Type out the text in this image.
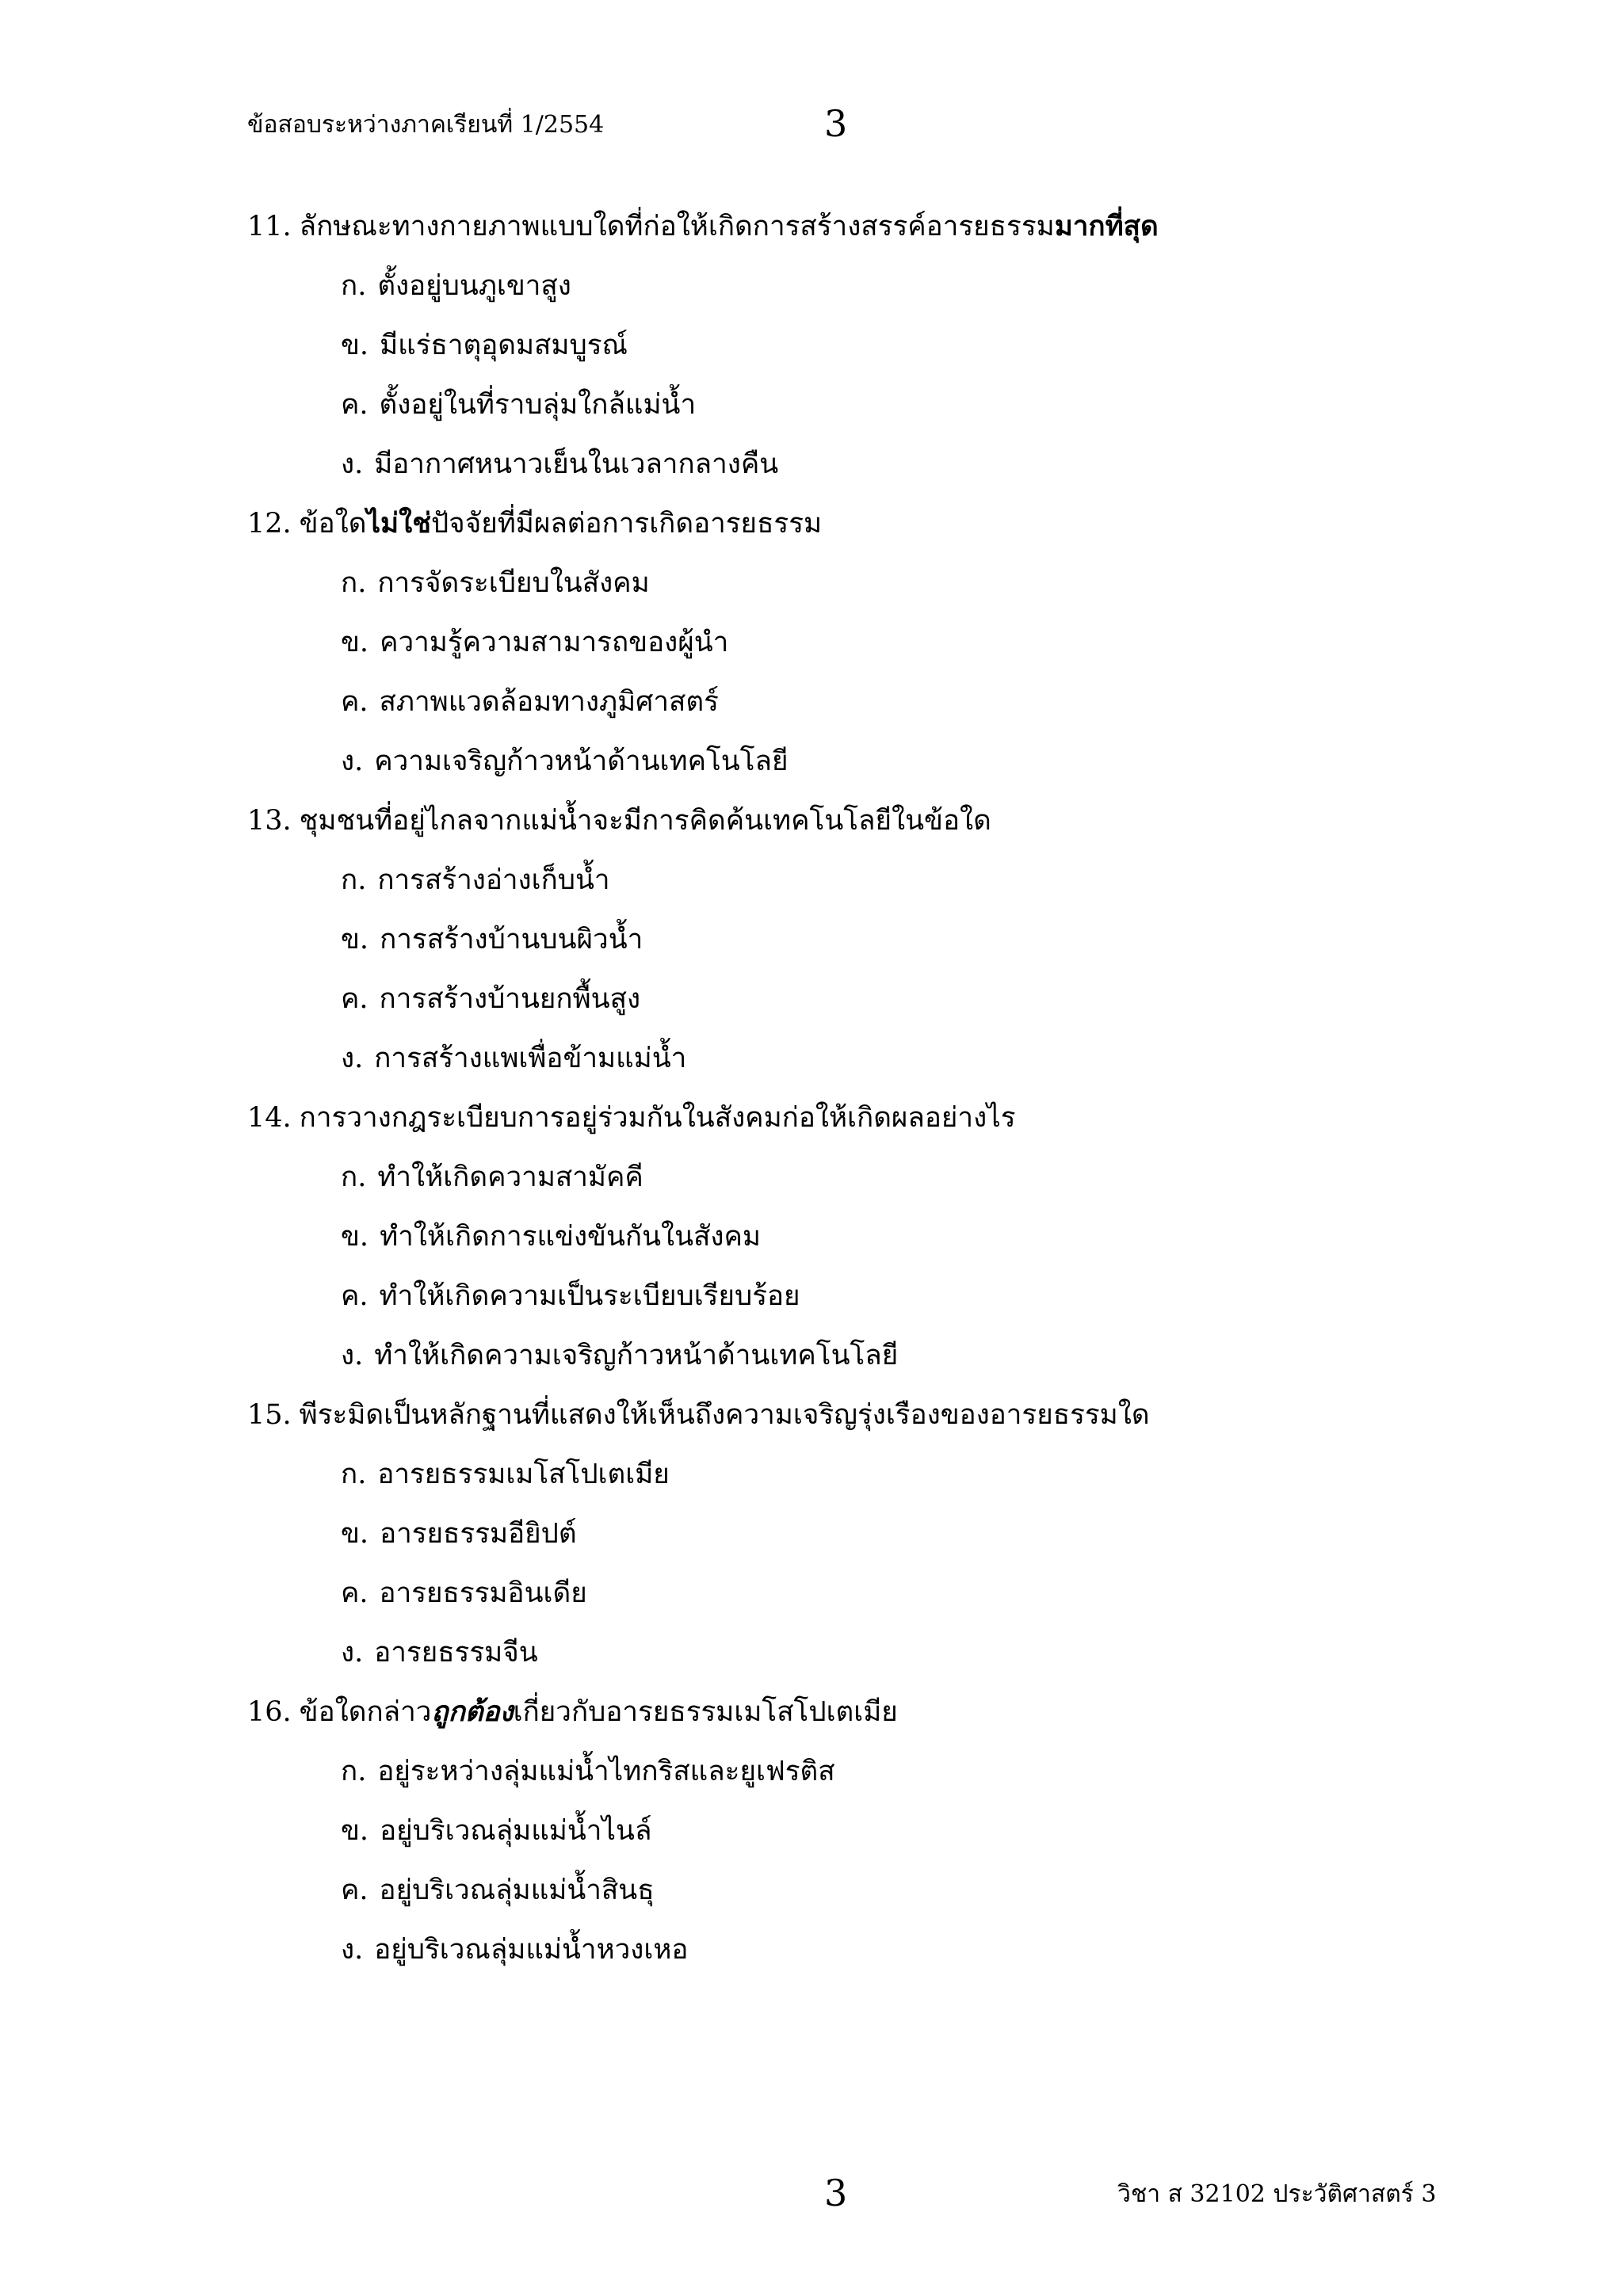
ข้อสอบระหว่างภาคเรียนที่ 1/2554	3
11. ลักษณะทางกายภาพแบบใดที่ก่อให้เกิดการสร้างสรรค์อารยธรรมมากที่สุด
ก. ตั้งอยู่บนภูเขาสูง
ข. มีแร่ธาตุอุดมสมบูรณ์
ค. ตั้งอยู่ในที่ราบลุ่มใกล้แม่น้ำ
ง. มีอากาศหนาวเย็นในเวลากลางคืน
12. ข้อใดไม่ใช่ปัจจัยที่มีผลต่อการเกิดอารยธรรม
ก. การจัดระเบียบในสังคม
ข. ความรู้ความสามารถของผู้นำ
ค. สภาพแวดล้อมทางภูมิศาสตร์
ง. ความเจริญก้าวหน้าด้านเทคโนโลยี
13. ชุมชนที่อยู่ไกลจากแม่น้ำจะมีการคิดค้นเทคโนโลยีในข้อใด
ก. การสร้างอ่างเก็บน้ำ
ข. การสร้างบ้านบนผิวน้ำ
ค. การสร้างบ้านยกพื้นสูง
ง. การสร้างแพเพื่อข้ามแม่น้ำ
14. การวางกฎระเบียบการอยู่ร่วมกันในสังคมก่อให้เกิดผลอย่างไร
ก. ทำให้เกิดความสามัคคี
ข. ทำให้เกิดการแข่งขันกันในสังคม
ค. ทำให้เกิดความเป็นระเบียบเรียบร้อย
ง. ทำให้เกิดความเจริญก้าวหน้าด้านเทคโนโลยี
15. พีระมิดเป็นหลักฐานที่แสดงให้เห็นถึงความเจริญรุ่งเรืองของอารยธรรมใด
ก. อารยธรรมเมโสโปเตเมีย
ข. อารยธรรมอียิปต์
ค. อารยธรรมอินเดีย
ง. อารยธรรมจีน
16. ข้อใดกล่าวถูกต้องเกี่ยวกับอารยธรรมเมโสโปเตเมีย
ก. อยู่ระหว่างลุ่มแม่น้ำไทกริสและยูเฟรติส
ข. อยู่บริเวณลุ่มแม่น้ำไนล์
ค. อยู่บริเวณลุ่มแม่น้ำสินธุ
ง. อยู่บริเวณลุ่มแม่น้ำหวงเหอ
3	วิชา ส 32102 ประวัติศาสตร์ 3
